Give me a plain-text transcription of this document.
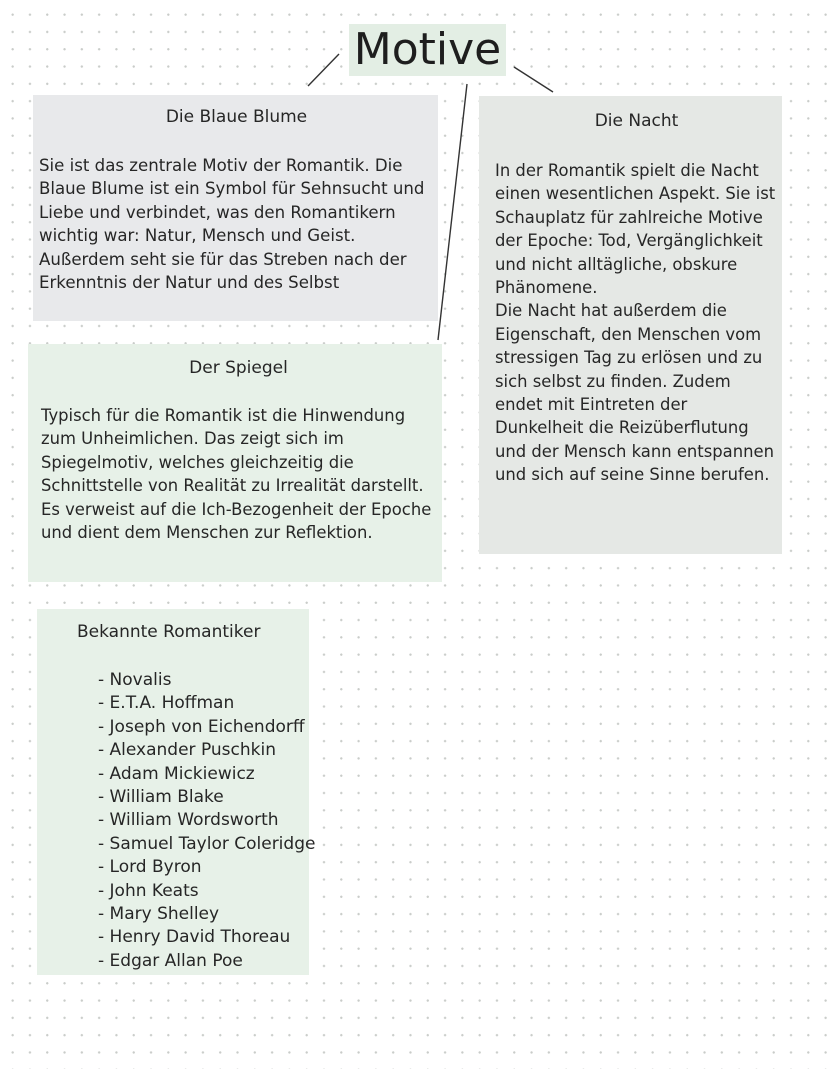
Motive
Die Blaue Blume
Sie ist das zentrale Motiv der Romantik. Die Blaue Blume ist ein Symbol für Sehnsucht und Liebe und verbindet, was den Romantikern wichtig war: Natur, Mensch und Geist. Außerdem seht sie für das Streben nach der Erkenntnis der Natur und des Selbst
Der Spiegel
Typisch für die Romantik ist die Hinwendung zum Unheimlichen. Das zeigt sich im Spiegelmotiv, welches gleichzeitig die Schnittstelle von Realität zu Irrealität darstellt. Es verweist auf die Ich-Bezogenheit der Epoche und dient dem Menschen zur Reflektion.
Die Nacht
In der Romantik spielt die Nacht einen wesentlichen Aspekt. Sie ist Schauplatz für zahlreiche Motive der Epoche: Tod, Vergänglichkeit und nicht alltägliche, obskure Phänomene.
Die Nacht hat außerdem die Eigenschaft, den Menschen vom stressigen Tag zu erlösen und zu sich selbst zu finden. Zudem endet mit Eintreten der Dunkelheit die Reizüberflutung und der Mensch kann entspannen und sich auf seine Sinne berufen.
Bekannte Romantiker
- Novalis
- E.T.A. Hoffman
- Joseph von Eichendorff
- Alexander Puschkin
- Adam Mickiewicz
- William Blake
- William Wordsworth
- Samuel Taylor Coleridge
- Lord Byron
- John Keats
- Mary Shelley
- Henry David Thoreau
- Edgar Allan Poe
